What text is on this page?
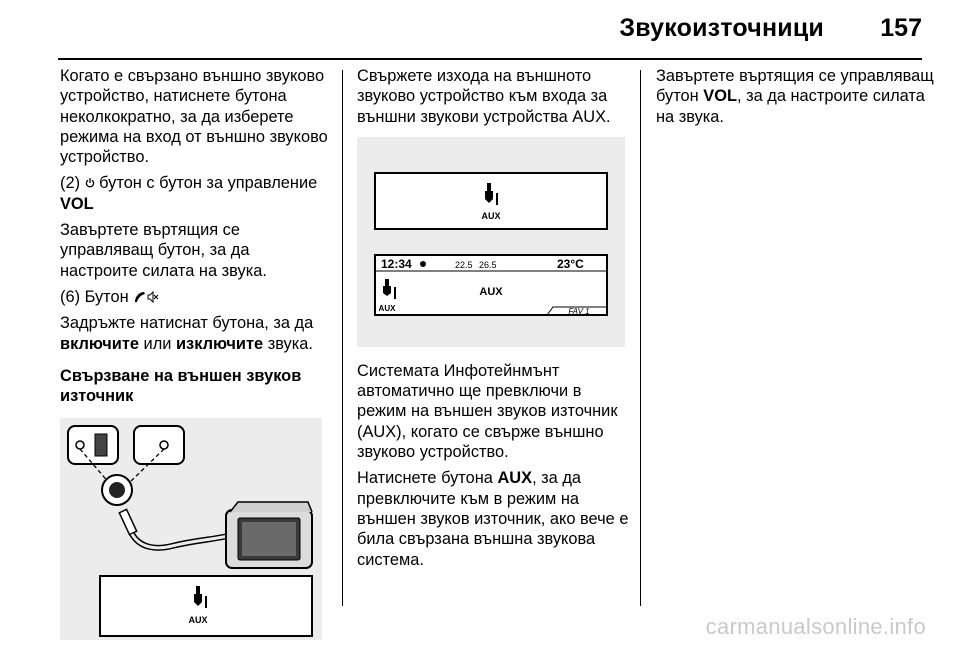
Звукоизточници 157

Когато е свързано външно звуково устройство, натиснете бутона неколкократно, за да изберете режима на вход от външно звуково устройство.

(2)  бутон с бутон за управление
VOL

Завъртете въртящия се управляващ бутон, за да настроите силата на звука.

(6) Бутон

Задръжте натиснат бутона, за да включите или изключите звука.

Свързване на външен звуков източник

AUX

Свържете изхода на външното звуково устройство към входа за външни звукови устройства AUX.

AUX
12:34	22.5 26.5	23°C
AUX
AUX
FAV 1

Системата Инфотейнмънт автоматично ще превключи в режим на външен звуков източник (AUX), когато се свърже външно звуково устройство.

Натиснете бутона AUX, за да превключите към в режим на външен звуков източник, ако вече е била свързана външна звукова система.

Завъртете въртящия се управляващ бутон VOL, за да настроите силата на звука.

carmanualsonline.info
